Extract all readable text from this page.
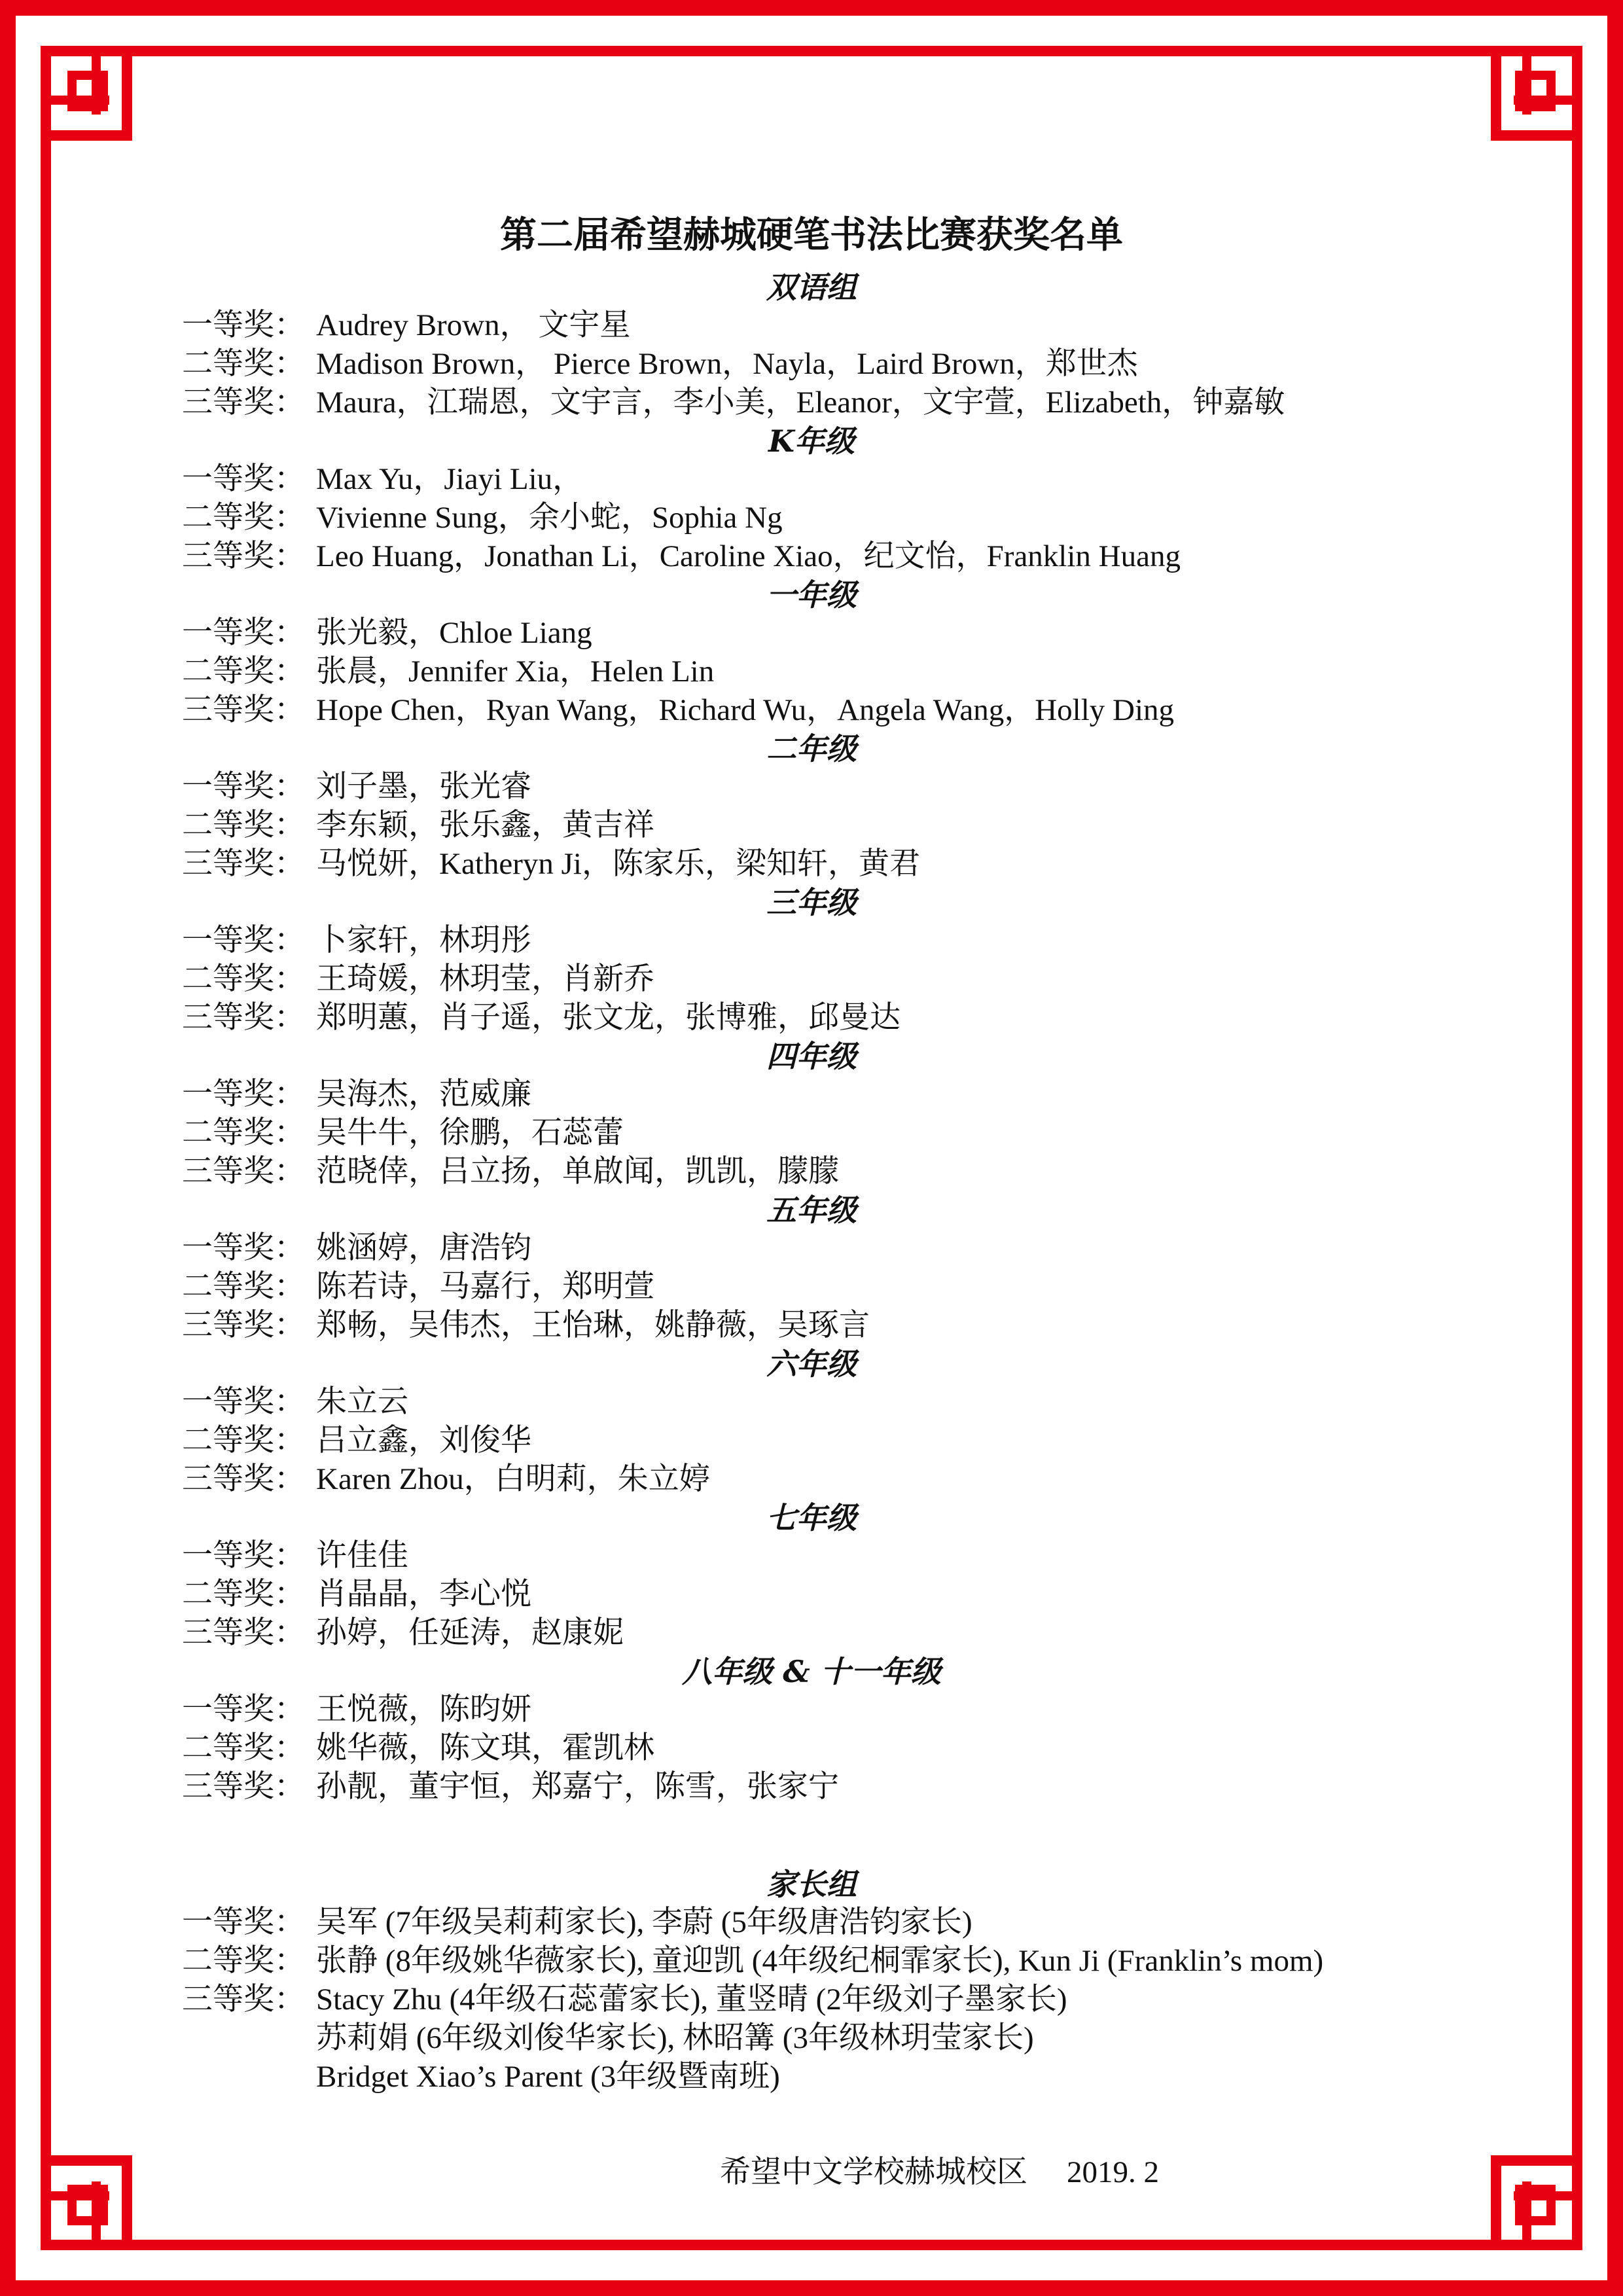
第二届希望赫城硬笔书法比赛获奖名单
双语组
一等奖： Audrey Brown， 文宇星
二等奖： Madison Brown， Pierce Brown，Nayla，Laird Brown，郑世杰
三等奖： Maura，江瑞恩，文宇言，李小美，Eleanor，文宇萱，Elizabeth，钟嘉敏
K年级
一等奖： Max Yu，Jiayi Liu，
二等奖： Vivienne Sung，余小蛇，Sophia Ng
三等奖： Leo Huang，Jonathan Li，Caroline Xiao，纪文怡，Franklin Huang
一年级
一等奖： 张光毅，Chloe Liang
二等奖： 张晨，Jennifer Xia，Helen Lin
三等奖： Hope Chen，Ryan Wang，Richard Wu，Angela Wang，Holly Ding
二年级
一等奖： 刘子墨，张光睿
二等奖： 李东颖，张乐鑫，黄吉祥
三等奖： 马悦妍，Katheryn Ji，陈家乐，梁知轩，黄君
三年级
一等奖： 卜家轩，林玥彤
二等奖： 王琦媛，林玥莹，肖新乔
三等奖： 郑明蕙，肖子遥，张文龙，张博雅，邱曼达
四年级
一等奖： 吴海杰，范威廉
二等奖： 吴牛牛，徐鹏，石蕊蕾
三等奖： 范晓倖，吕立扬，单啟闻，凯凯，朦朦
五年级
一等奖： 姚涵婷，唐浩钧
二等奖： 陈若诗，马嘉行，郑明萱
三等奖： 郑畅，吴伟杰，王怡琳，姚静薇，吴琢言
六年级
一等奖： 朱立云
二等奖： 吕立鑫，刘俊华
三等奖： Karen Zhou，白明莉，朱立婷
七年级
一等奖： 许佳佳
二等奖： 肖晶晶，李心悦
三等奖： 孙婷，任延涛，赵康妮
八年级 & 十一年级
一等奖： 王悦薇，陈昀妍
二等奖： 姚华薇，陈文琪，霍凯林
三等奖： 孙靓，董宇恒，郑嘉宁，陈雪，张家宁
家长组
一等奖： 吴军 (7年级吴莉莉家长), 李蔚 (5年级唐浩钧家长)
二等奖： 张静 (8年级姚华薇家长), 童迎凯 (4年级纪桐霏家长), Kun Ji (Franklin’s mom)
三等奖： Stacy Zhu (4年级石蕊蕾家长), 董竖晴 (2年级刘子墨家长)
苏莉娟 (6年级刘俊华家长), 林昭篝 (3年级林玥莹家长)
Bridget Xiao’s Parent (3年级暨南班)
希望中文学校赫城校区 2019. 2
